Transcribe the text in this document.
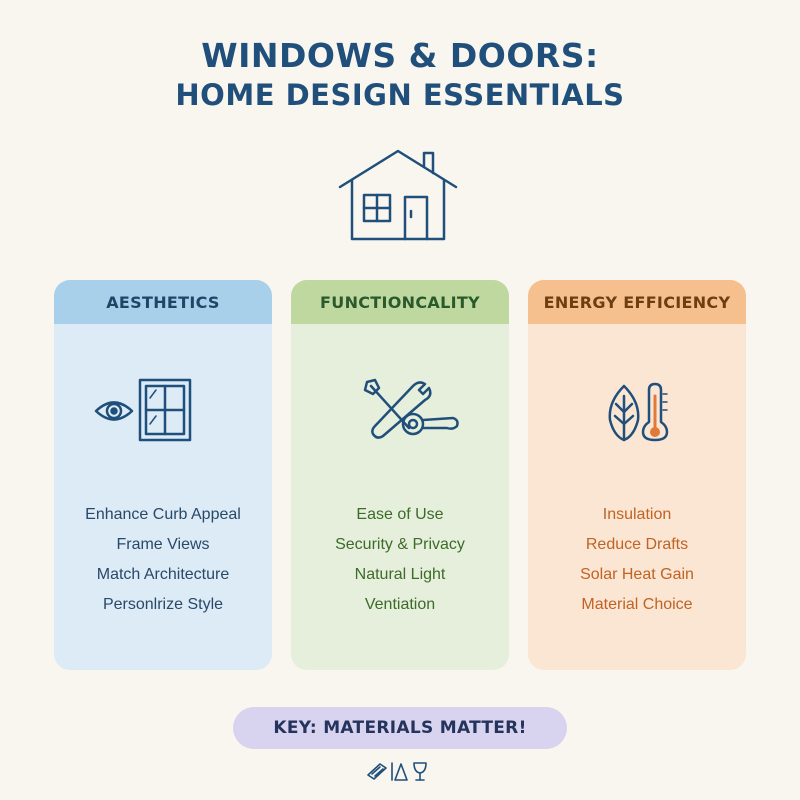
WINDOWS & DOORS:
HOME DESIGN ESSENTIALS
AESTHETICS
Enhance Curb Appeal
Frame Views
Match Architecture
Personlrize Style
FUNCTIONCALITY
Ease of Use
Security & Privacy
Natural Light
Ventiation
ENERGY EFFICIENCY
Insulation
Reduce Drafts
Solar Heat Gain
Material Choice
KEY: MATERIALS MATTER!
